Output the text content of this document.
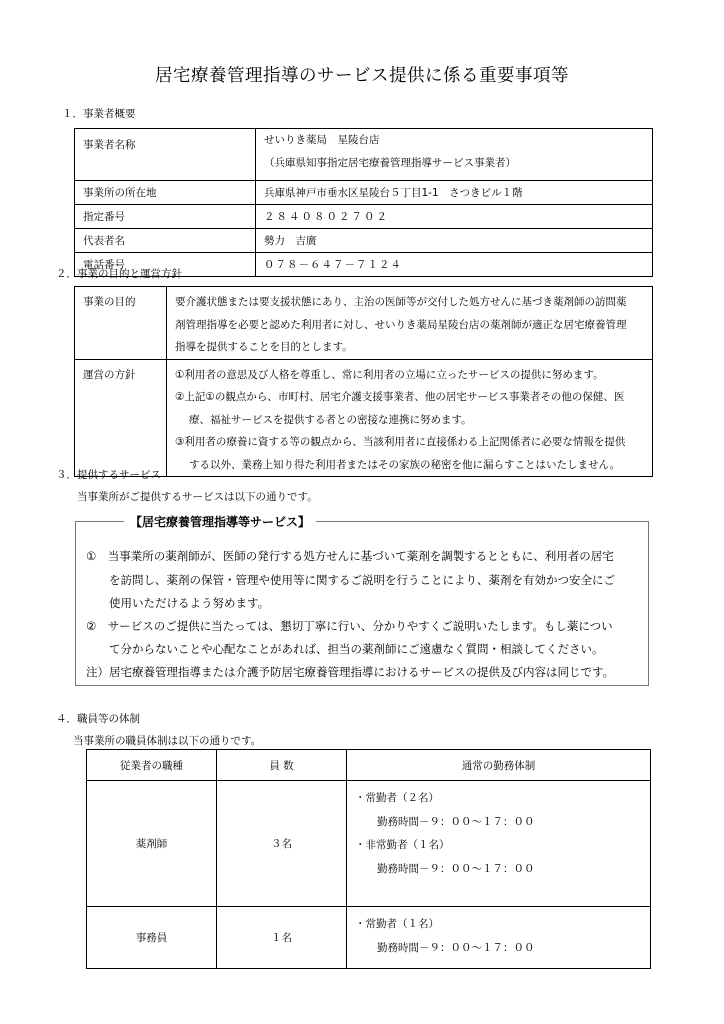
居宅療養管理指導のサービス提供に係る重要事項等
１．事業者概要
事業者名称	せいりき薬局　星陵台店
（兵庫県知事指定居宅療養管理指導サービス事業者）

事業所の所在地	兵庫県神戸市垂水区星陵台５丁目1-1　さつきビル１階
指定番号	２８４０８０２７０２
代表者名	勢力　吉廣
電話番号	０７８－６４７－７１２４
２．事業の目的と運営方針
事業の目的	要介護状態または要支援状態にあり、主治の医師等が交付した処方せんに基づき薬剤師の訪問薬
剤管理指導を必要と認めた利用者に対し、せいりき薬局星陵台店の薬剤師が適正な居宅療養管理
指導を提供することを目的とします。

運営の方針	①利用者の意思及び人格を尊重し、常に利用者の立場に立ったサービスの提供に努めます。
②上記①の観点から、市町村、居宅介護支援事業者、他の居宅サービス事業者その他の保健、医
療、福祉サービスを提供する者との密接な連携に努めます。
③利用者の療養に資する等の観点から、当該利用者に直接係わる上記関係者に必要な情報を提供
する以外、業務上知り得た利用者またはその家族の秘密を他に漏らすことはいたしません。
３．提供するサービス
当事業所がご提供するサービスは以下の通りです。
【居宅療養管理指導等サービス】
①　当事業所の薬剤師が、医師の発行する処方せんに基づいて薬剤を調製するとともに、利用者の居宅
　　を訪問し、薬剤の保管・管理や使用等に関するご説明を行うことにより、薬剤を有効かつ安全にご
　　使用いただけるよう努めます。
②　サービスのご提供に当たっては、懇切丁寧に行い、分かりやすくご説明いたします。もし薬につい
　　て分からないことや心配なことがあれば、担当の薬剤師にご遠慮なく質問・相談してください。
注）居宅療養管理指導または介護予防居宅療養管理指導におけるサービスの提供及び内容は同じです。
４．職員等の体制
当事業所の職員体制は以下の通りです。
従業者の職種	員 数	通常の勤務体制
薬剤師	３名	・常勤者（２名）
勤務時間－９：００～１７：００
・非常勤者（１名）
勤務時間－９：００～１７：００

事務員	１名	・常勤者（１名）
勤務時間－９：００～１７：００
